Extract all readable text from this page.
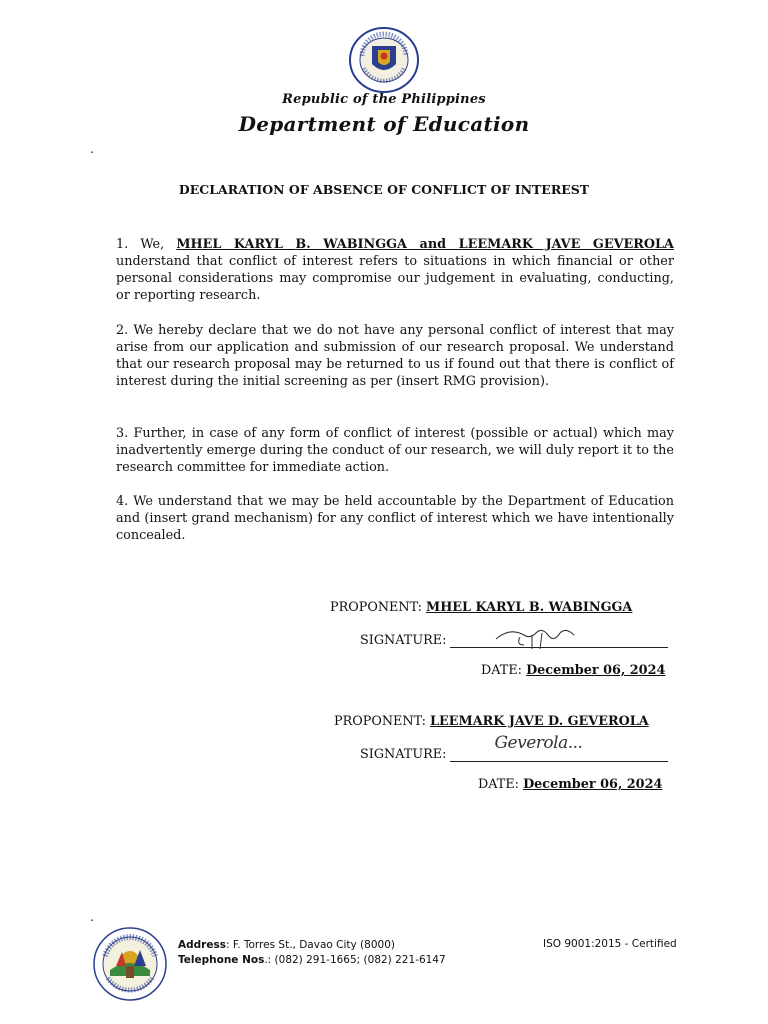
Republic of the Philippines
Department of Education
.
DECLARATION OF ABSENCE OF CONFLICT OF INTEREST
1. We, MHEL KARYL B. WABINGGA and LEEMARK JAVE GEVEROLA understand that conflict of interest refers to situations in which financial or other personal considerations may compromise our judgement in evaluating, conducting, or reporting research.
2. We hereby declare that we do not have any personal conflict of interest that may arise from our application and submission of our research proposal. We understand that our research proposal may be returned to us if found out that there is conflict of interest during the initial screening as per (insert RMG provision).
3. Further, in case of any form of conflict of interest (possible or actual) which may inadvertently emerge during the conduct of our research, we will duly report it to the research committee for immediate action.
4. We understand that we may be held accountable by the Department of Education and (insert grand mechanism) for any conflict of interest which we have intentionally concealed.
PROPONENT: MHEL KARYL B. WABINGGA
SIGNATURE:
DATE: December 06, 2024
PROPONENT: LEEMARK JAVE D. GEVEROLA
SIGNATURE:
Geverola...
DATE: December 06, 2024
.
Address: F. Torres St., Davao City (8000)
Telephone Nos.: (082) 291-1665; (082) 221-6147
ISO 9001:2015 - Certified
